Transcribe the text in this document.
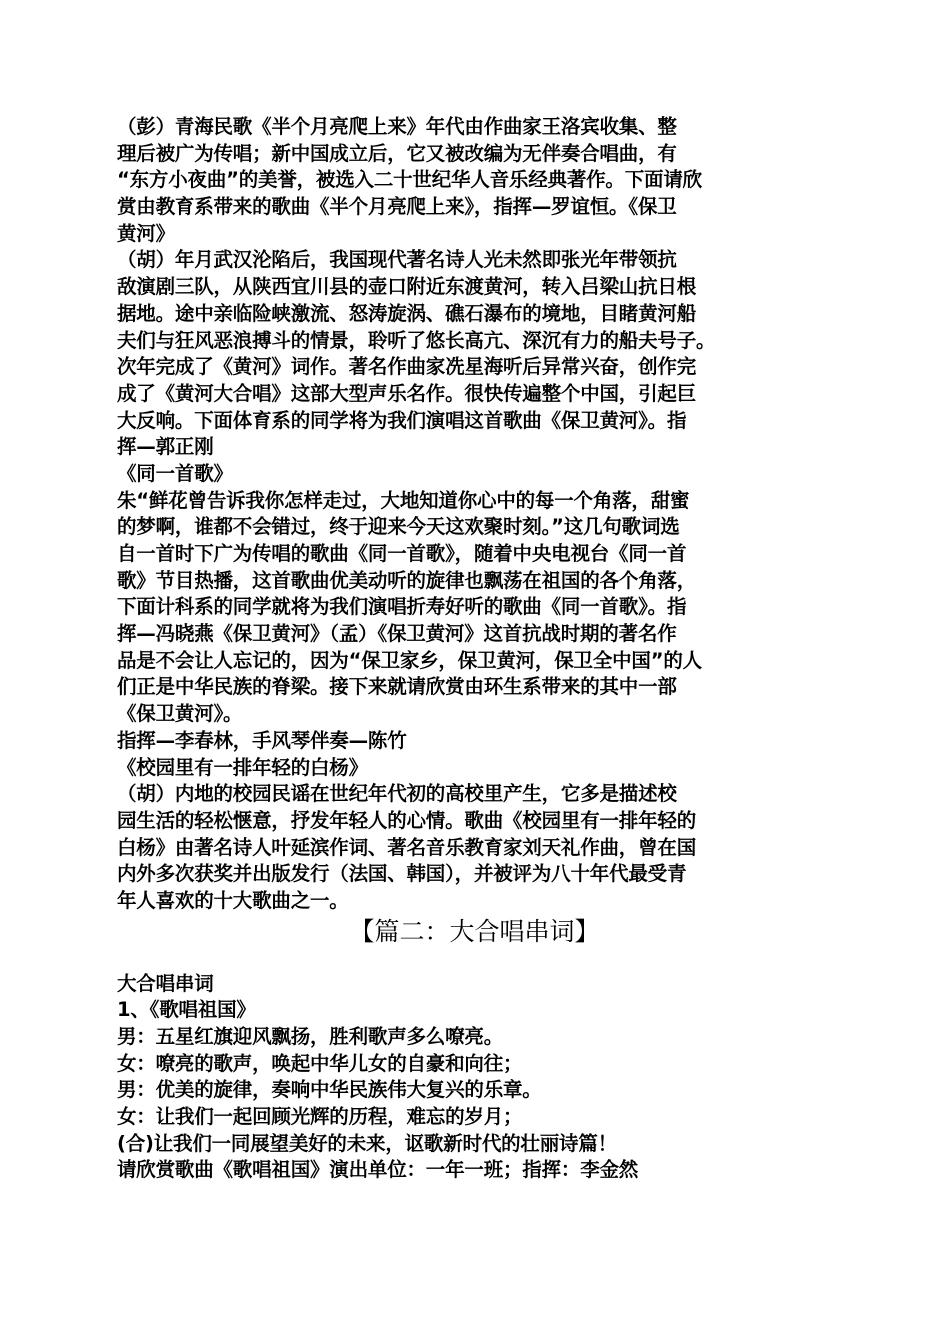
（彭）青海民歌《半个月亮爬上来》年代由作曲家王洛宾收集、整
理后被广为传唱；新中国成立后，它又被改编为无伴奏合唱曲，有
“东方小夜曲”的美誉，被选入二十世纪华人音乐经典著作。下面请欣
赏由教育系带来的歌曲《半个月亮爬上来》，指挥—罗谊恒。《保卫
黄河》
（胡）年月武汉沦陷后，我国现代著名诗人光未然即张光年带领抗
敌演剧三队，从陕西宜川县的壶口附近东渡黄河，转入吕梁山抗日根
据地。途中亲临险峡激流、怒涛旋涡、礁石瀑布的境地，目睹黄河船
夫们与狂风恶浪搏斗的情景，聆听了悠长高亢、深沉有力的船夫号子。
次年完成了《黄河》词作。著名作曲家冼星海听后异常兴奋，创作完
成了《黄河大合唱》这部大型声乐名作。很快传遍整个中国，引起巨
大反响。下面体育系的同学将为我们演唱这首歌曲《保卫黄河》。指
挥—郭正刚
《同一首歌》
朱“鲜花曾告诉我你怎样走过，大地知道你心中的每一个角落，甜蜜
的梦啊，谁都不会错过，终于迎来今天这欢聚时刻。”这几句歌词选
自一首时下广为传唱的歌曲《同一首歌》，随着中央电视台《同一首
歌》节目热播，这首歌曲优美动听的旋律也飘荡在祖国的各个角落，
下面计科系的同学就将为我们演唱折寿好听的歌曲《同一首歌》。指
挥—冯晓燕《保卫黄河》（孟）《保卫黄河》这首抗战时期的著名作
品是不会让人忘记的，因为“保卫家乡，保卫黄河，保卫全中国”的人
们正是中华民族的脊梁。接下来就请欣赏由环生系带来的其中一部
《保卫黄河》。
指挥—李春林，手风琴伴奏—陈竹
《校园里有一排年轻的白杨》
（胡）内地的校园民谣在世纪年代初的高校里产生，它多是描述校
园生活的轻松惬意，抒发年轻人的心情。歌曲《校园里有一排年轻的
白杨》由著名诗人叶延滨作词、著名音乐教育家刘天礼作曲，曾在国
内外多次获奖并出版发行（法国、韩国），并被评为八十年代最受青
年人喜欢的十大歌曲之一。
【篇二：大合唱串词】
大合唱串词
1、《歌唱祖国》
男：五星红旗迎风飘扬，胜利歌声多么嘹亮。
女：嘹亮的歌声，唤起中华儿女的自豪和向往；
男：优美的旋律，奏响中华民族伟大复兴的乐章。
女：让我们一起回顾光辉的历程，难忘的岁月；
(合)让我们一同展望美好的未来，讴歌新时代的壮丽诗篇！
请欣赏歌曲《歌唱祖国》演出单位：一年一班；指挥：李金然
